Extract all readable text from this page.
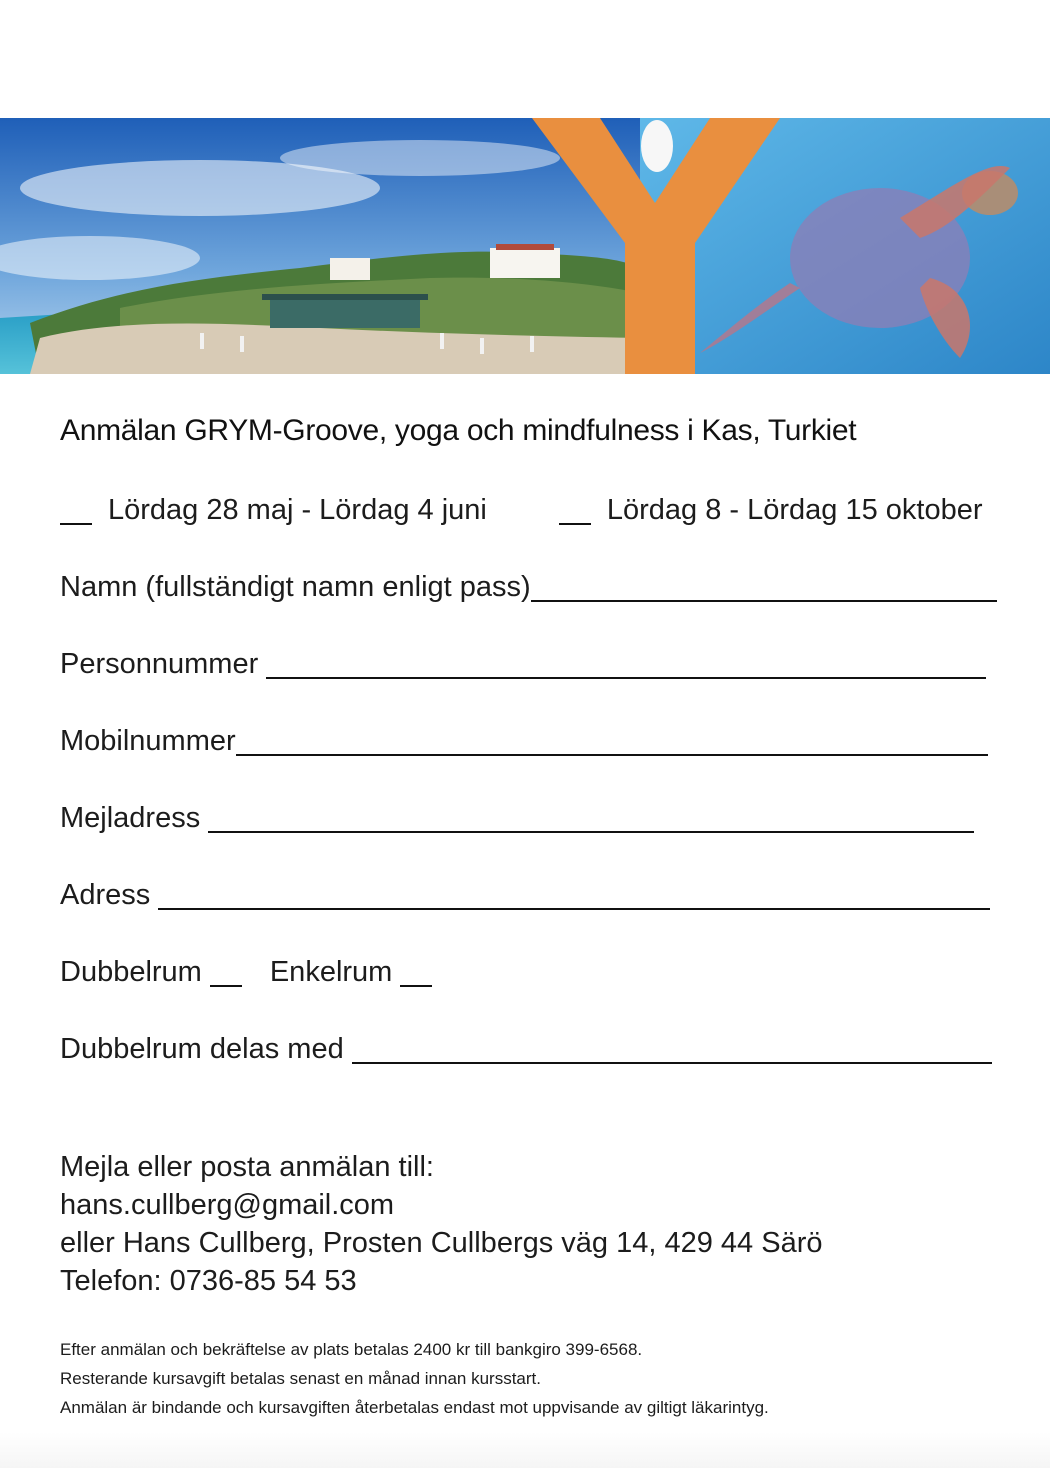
Anmälan GRYM-Groove, yoga och mindfulness i Kas, Turkiet
Lördag 28 maj - Lördag 4 juni	Lördag 8 - Lördag 15 oktober
Namn (fullständigt namn enligt pass)
Personnummer
Mobilnummer
Mejladress
Adress
Dubbelrum Enkelrum
Dubbelrum delas med
Mejla eller posta anmälan till:
hans.cullberg@gmail.com
eller Hans Cullberg, Prosten Cullbergs väg 14, 429 44 Särö
Telefon: 0736-85 54 53
Efter anmälan och bekräftelse av plats betalas 2400 kr till bankgiro 399-6568.
Resterande kursavgift betalas senast en månad innan kursstart.
Anmälan är bindande och kursavgiften återbetalas endast mot uppvisande av giltigt läkarintyg.
